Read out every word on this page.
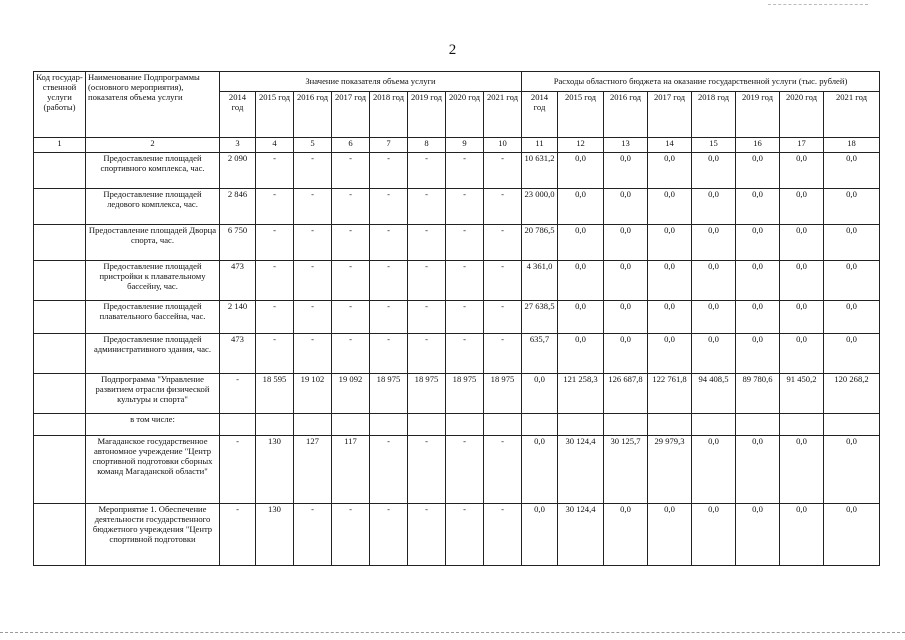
2
Код государ-ственной услуги (работы)	Наименование Подпрограммы (основного мероприятия), показателя объема услуги	Значение показателя объема услуги								Расходы областного бюджета на оказание государственной услуги (тыс. рублей)							
		2014 год	2015 год	2016 год	2017 год	2018 год	2019 год	2020 год	2021 год	2014 год	2015 год	2016 год	2017 год	2018 год	2019 год	2020 год	2021 год
1	2	3	4	5	6	7	8	9	10	11	12	13	14	15	16	17	18
	Предоставление площадей спортивного комплекса, час.	2 090	-	-	-	-	-	-	-	10 631,2	0,0	0,0	0,0	0,0	0,0	0,0	0,0
	Предоставление площадей ледового комплекса, час.	2 846	-	-	-	-	-	-	-	23 000,0	0,0	0,0	0,0	0,0	0,0	0,0	0,0
	Предоставление площадей Дворца спорта, час.	6 750	-	-	-	-	-	-	-	20 786,5	0,0	0,0	0,0	0,0	0,0	0,0	0,0
	Предоставление площадей пристройки к плавательному бассейну, час.	473	-	-	-	-	-	-	-	4 361,0	0,0	0,0	0,0	0,0	0,0	0,0	0,0
	Предоставление площадей плавательного бассейна, час.	2 140	-	-	-	-	-	-	-	27 638,5	0,0	0,0	0,0	0,0	0,0	0,0	0,0
	Предоставление площадей административного здания, час.	473	-	-	-	-	-	-	-	635,7	0,0	0,0	0,0	0,0	0,0	0,0	0,0
	Подпрограмма "Управление развитием отрасли физической культуры и спорта"	-	18 595	19 102	19 092	18 975	18 975	18 975	18 975	0,0	121 258,3	126 687,8	122 761,8	94 408,5	89 780,6	91 450,2	120 268,2
	в том числе:																
	Магаданское государственное автономное учреждение "Центр спортивной подготовки сборных команд Магаданской области"	-	130	127	117	-	-	-	-	0,0	30 124,4	30 125,7	29 979,3	0,0	0,0	0,0	0,0
	Мероприятие 1. Обеспечение деятельности государственного бюджетного учреждения "Центр спортивной подготовки	-	130	-	-	-	-	-	-	0,0	30 124,4	0,0	0,0	0,0	0,0	0,0	0,0
